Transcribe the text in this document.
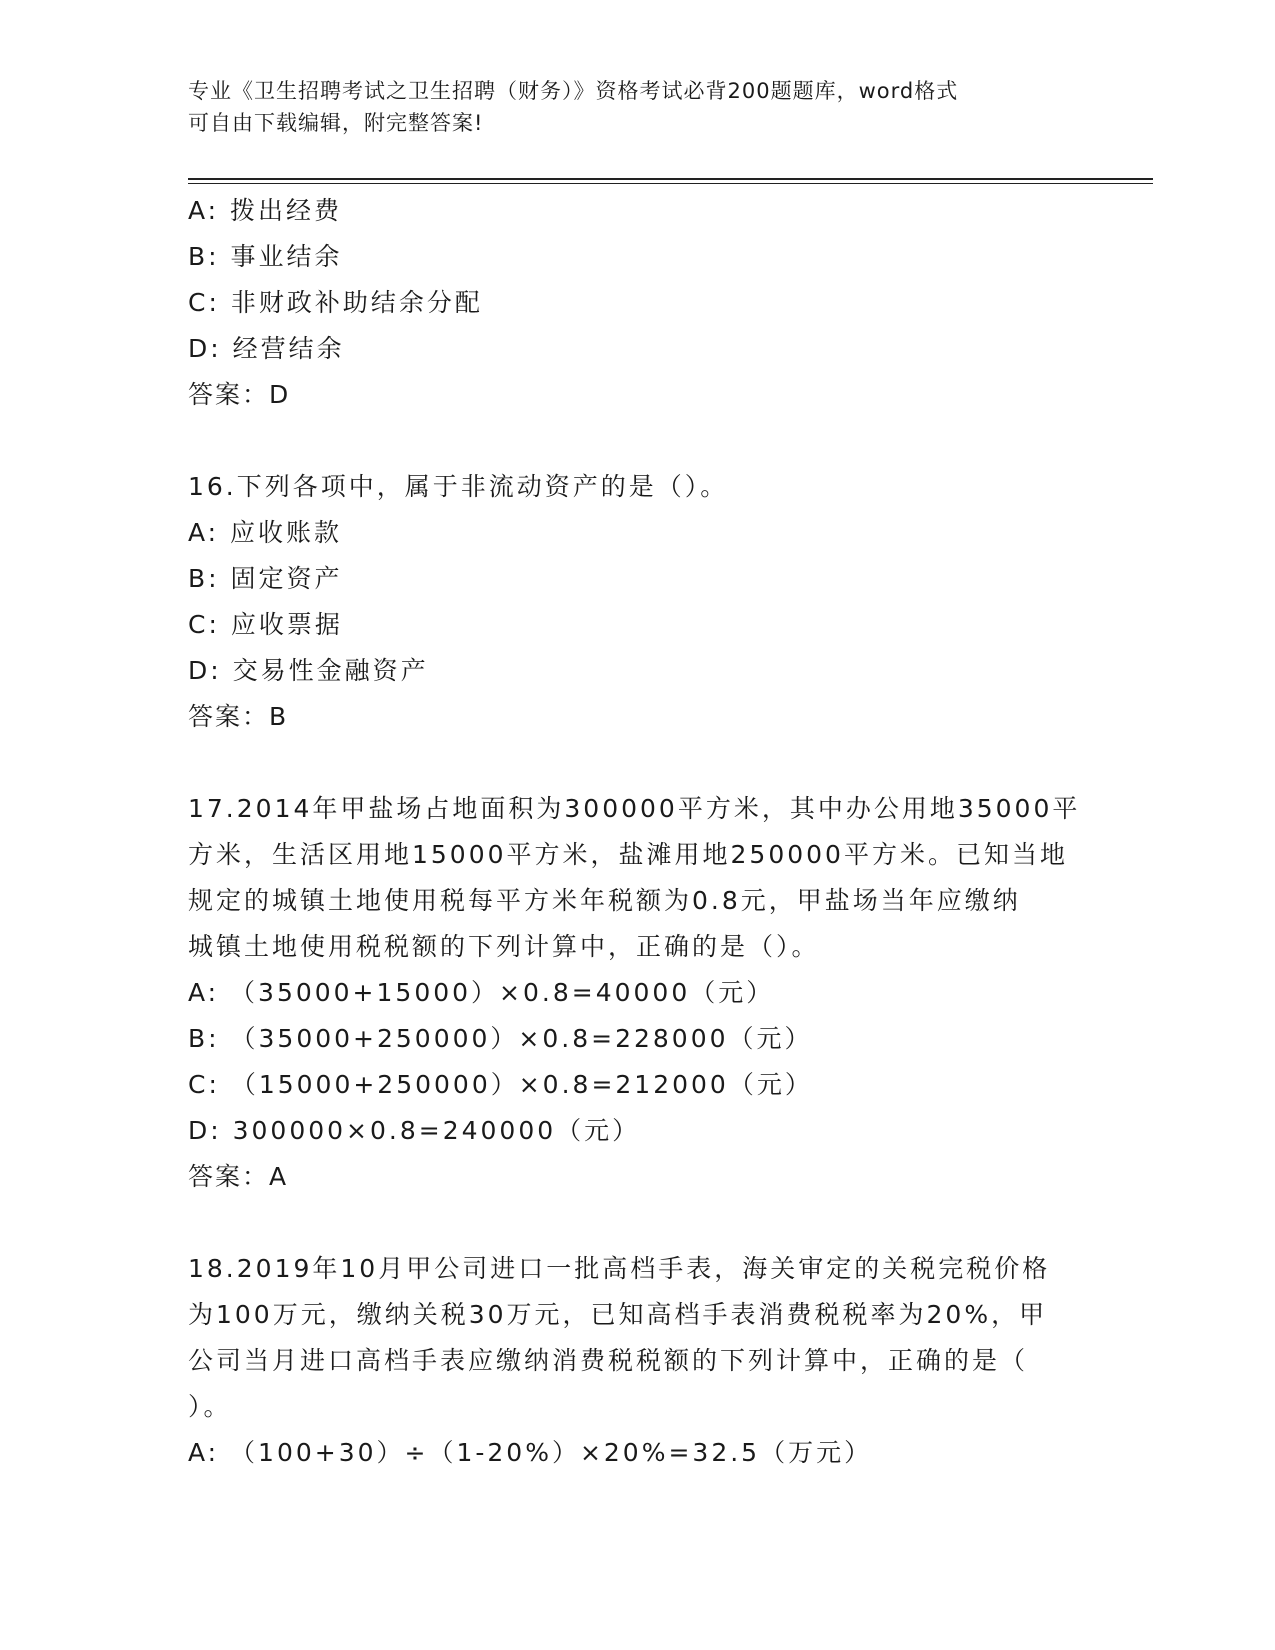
专业《卫生招聘考试之卫生招聘（财务）》资格考试必背200题题库，word格式
可自由下载编辑，附完整答案!
A: 拨出经费
B: 事业结余
C: 非财政补助结余分配
D: 经营结余
答案：D
16.下列各项中，属于非流动资产的是（）。
A: 应收账款
B: 固定资产
C: 应收票据
D: 交易性金融资产
答案：B
17.2014年甲盐场占地面积为300000平方米，其中办公用地35000平
方米，生活区用地15000平方米，盐滩用地250000平方米。已知当地
规定的城镇土地使用税每平方米年税额为0.8元，甲盐场当年应缴纳
城镇土地使用税税额的下列计算中，正确的是（）。
A: （35000+15000）×0.8=40000（元）
B: （35000+250000）×0.8=228000（元）
C: （15000+250000）×0.8=212000（元）
D: 300000×0.8=240000（元）
答案：A
18.2019年10月甲公司进口一批高档手表，海关审定的关税完税价格
为100万元，缴纳关税30万元，已知高档手表消费税税率为20%，甲
公司当月进口高档手表应缴纳消费税税额的下列计算中，正确的是（
）。
A: （100+30）÷（1-20%）×20%=32.5（万元）
